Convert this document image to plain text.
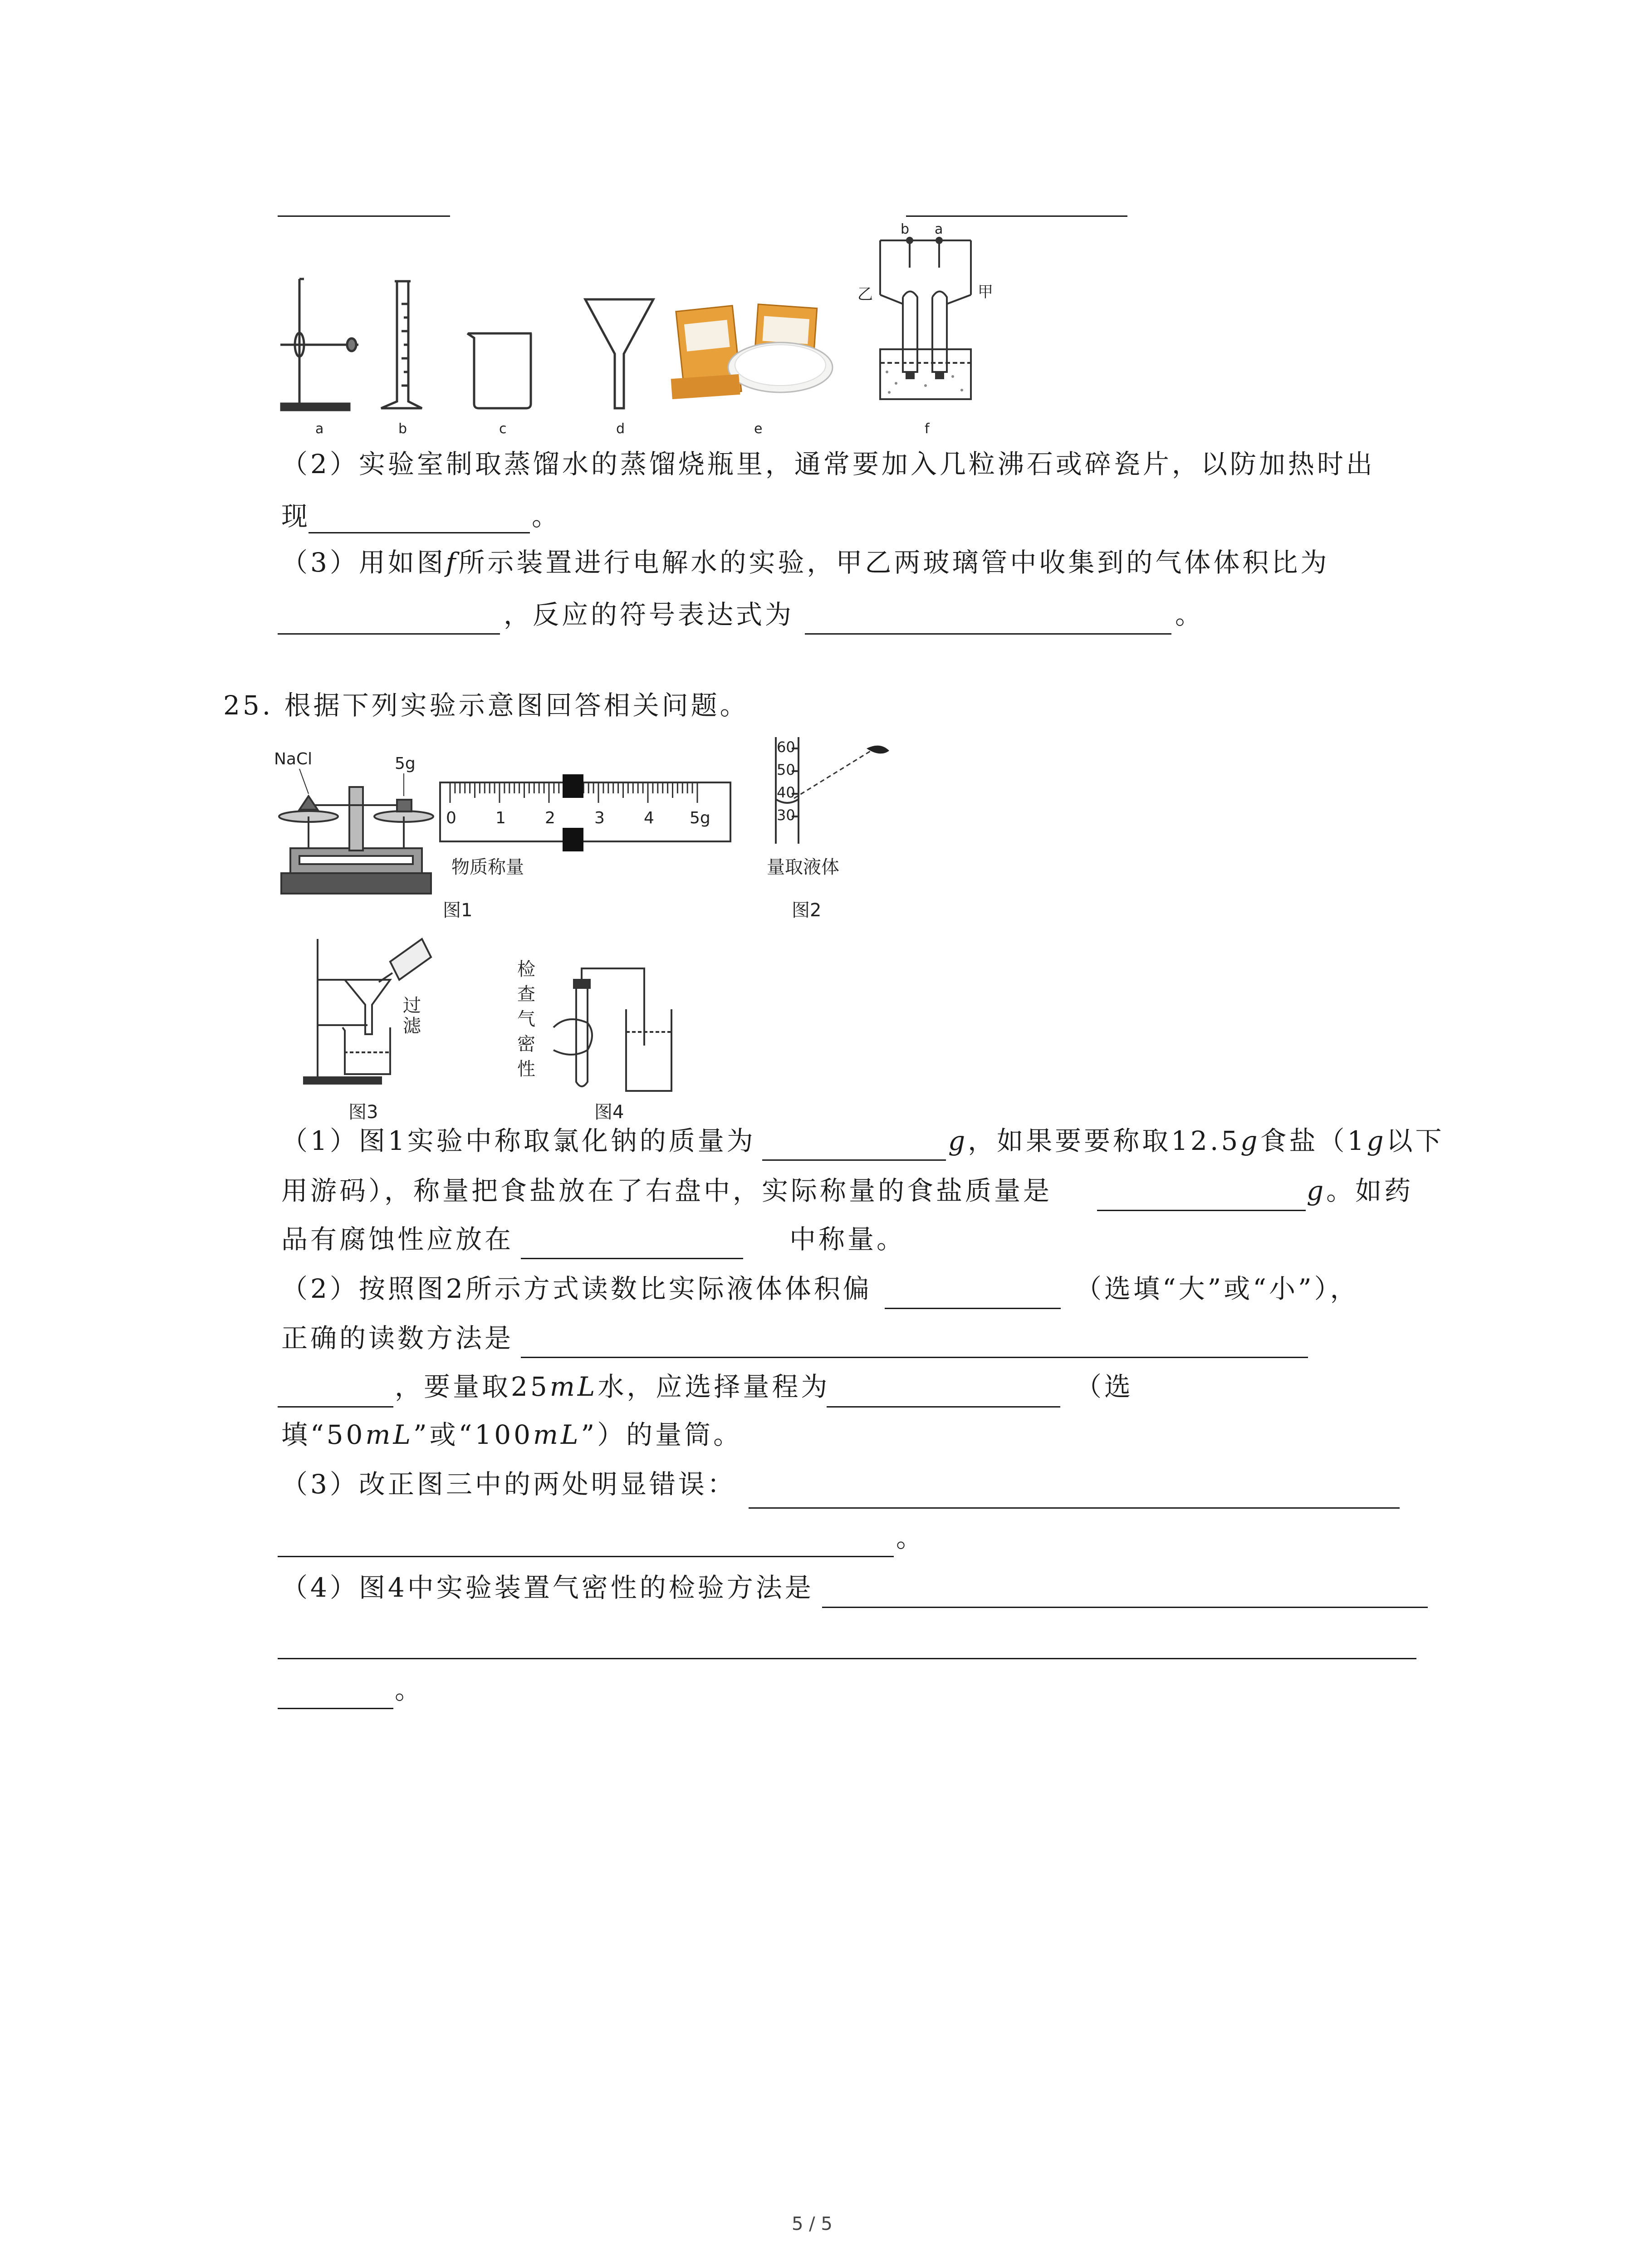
b a
乙	甲
a	b	c	d	e	f
（2）实验室制取蒸馏水的蒸馏烧瓶里，通常要加入几粒沸石或碎瓷片，以防加热时出
现	。
（3）用如图f所示装置进行电解水的实验，甲乙两玻璃管中收集到的气体体积比为
，反应的符号表达式为	。
25. 根据下列实验示意图回答相关问题。
NaCl	5g
0 1 2 3 4 5g
物质称量
图1
60
50
40
30
量取液体
图2
过
滤
图3
检
查
气
密
性
图4
（1）图1实验中称取氯化钠的质量为	g，如果要要称取12.5g食盐（1g以下
用游码），称量把食盐放在了右盘中，实际称量的食盐质量是	g。如药
品有腐蚀性应放在	中称量。
（2）按照图2所示方式读数比实际液体体积偏	（选填“大”或“小”），
正确的读数方法是
，要量取25mL水，应选择量程为	（选
填“50mL”或“100mL”）的量筒。
（3）改正图三中的两处明显错误：
。
（4）图4中实验装置气密性的检验方法是
。
5 / 5
